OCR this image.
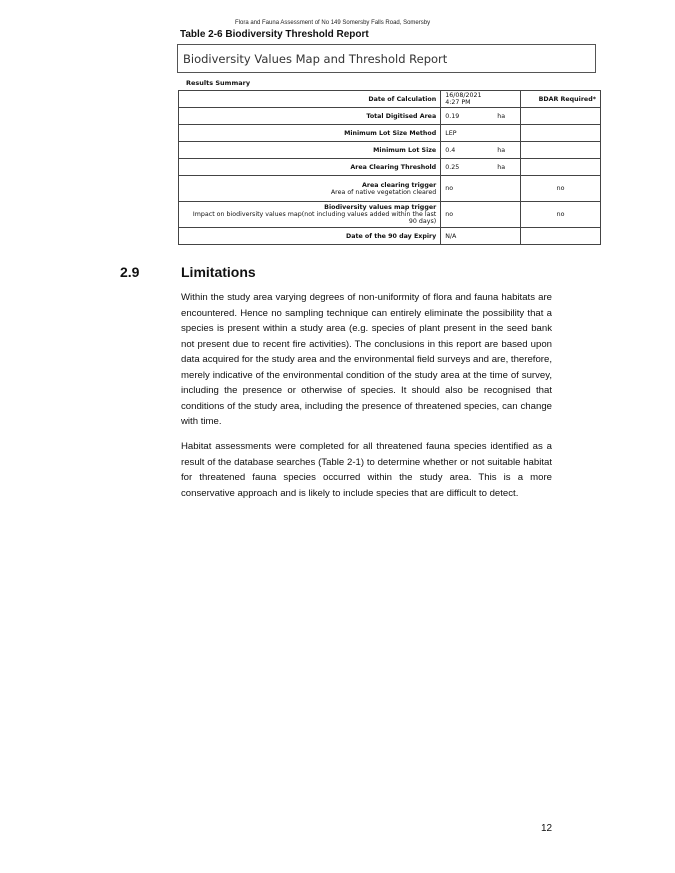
Flora and Fauna Assessment of No 149 Somersby Falls Road, Somersby
Table 2-6 Biodiversity Threshold Report
Biodiversity Values Map and Threshold Report
Results Summary
Date of Calculation	16/08/2021 4:27 PM	BDAR Required*

Total Digitised Area	0.19 ha	

Minimum Lot Size Method	LEP	

Minimum Lot Size	0.4 ha	

Area Clearing Threshold	0.25 ha	

Area clearing trigger
Area of native vegetation cleared	no	no

Biodiversity values map trigger
Impact on biodiversity values map(not including values added within the last 90 days)	no	no

Date of the 90 day Expiry	N/A	
2.9	Limitations

Within the study area varying degrees of non-uniformity of flora and fauna habitats are encountered. Hence no sampling technique can entirely eliminate the possibility that a species is present within a study area (e.g. species of plant present in the seed bank not present due to recent fire activities). The conclusions in this report are based upon data acquired for the study area and the environmental field surveys and are, therefore, merely indicative of the environmental condition of the study area at the time of survey, including the presence or otherwise of species. It should also be recognised that conditions of the study area, including the presence of threatened species, can change with time.

Habitat assessments were completed for all threatened fauna species identified as a result of the database searches (Table 2-1) to determine whether or not suitable habitat for threatened fauna species occurred within the study area. This is a more conservative approach and is likely to include species that are difficult to detect.

12
